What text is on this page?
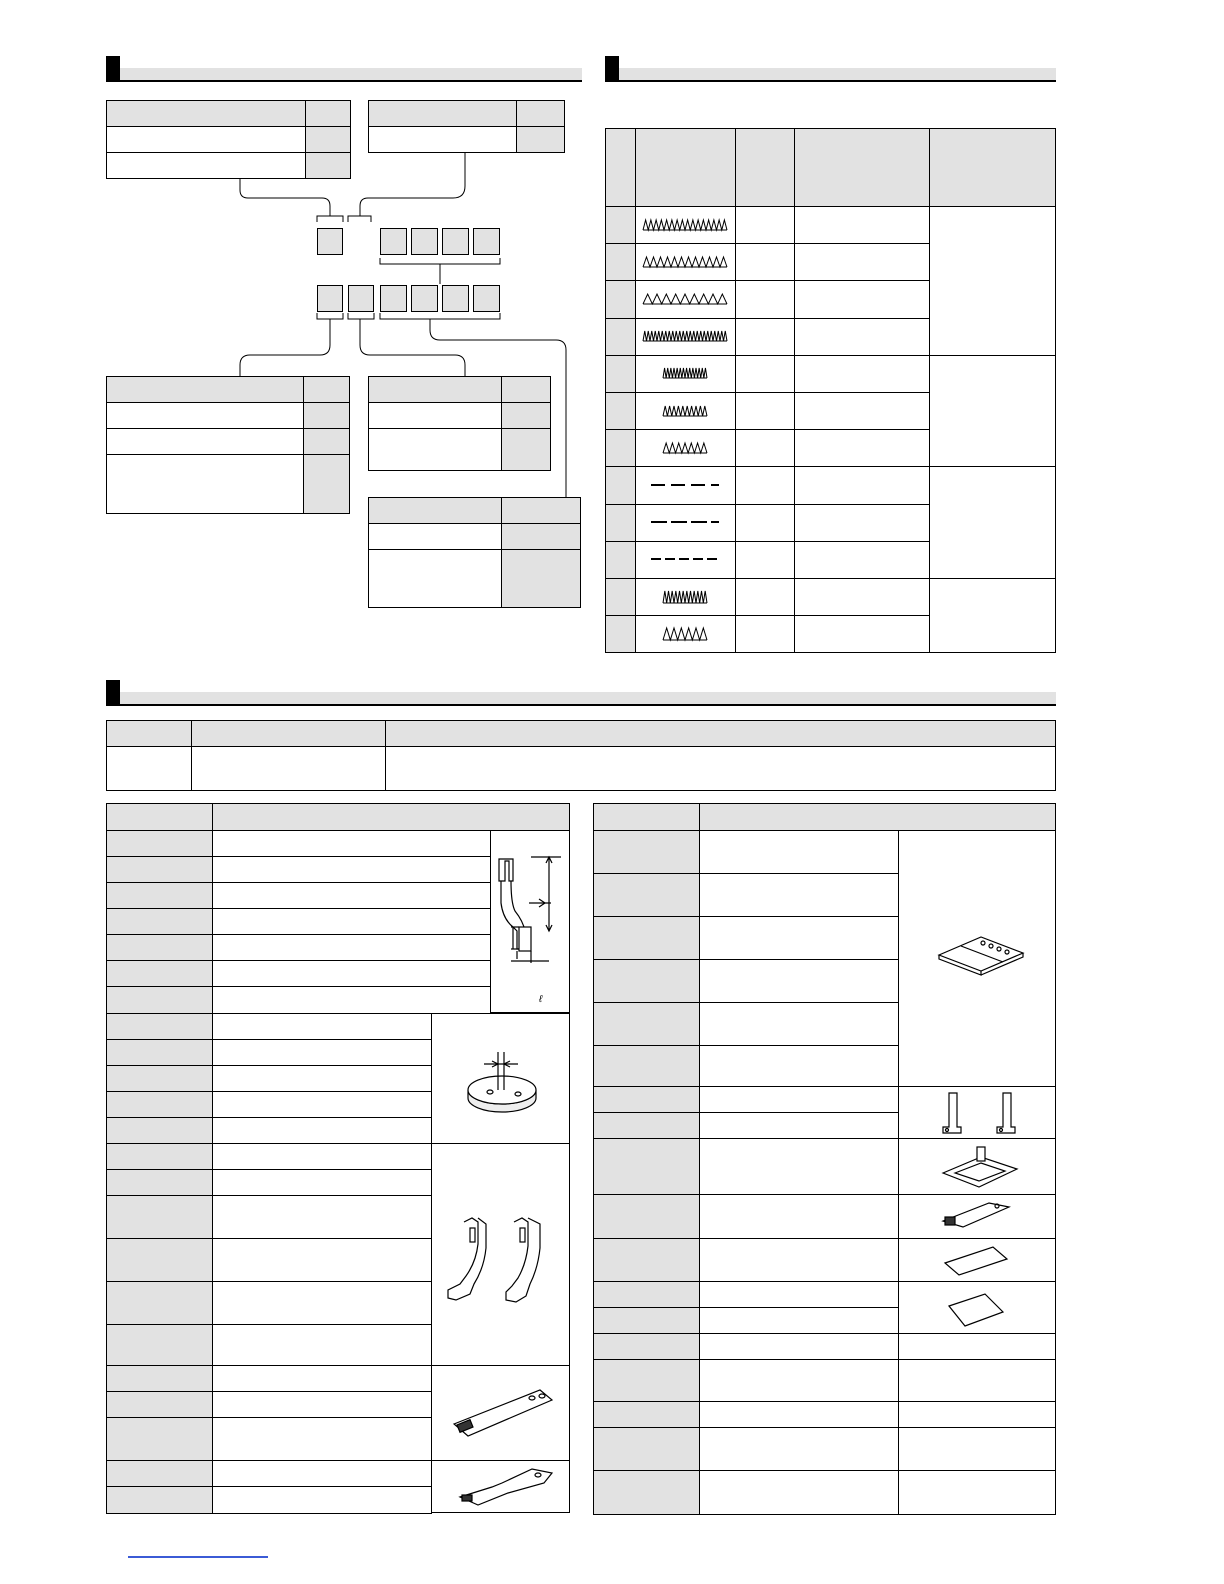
ℓ
